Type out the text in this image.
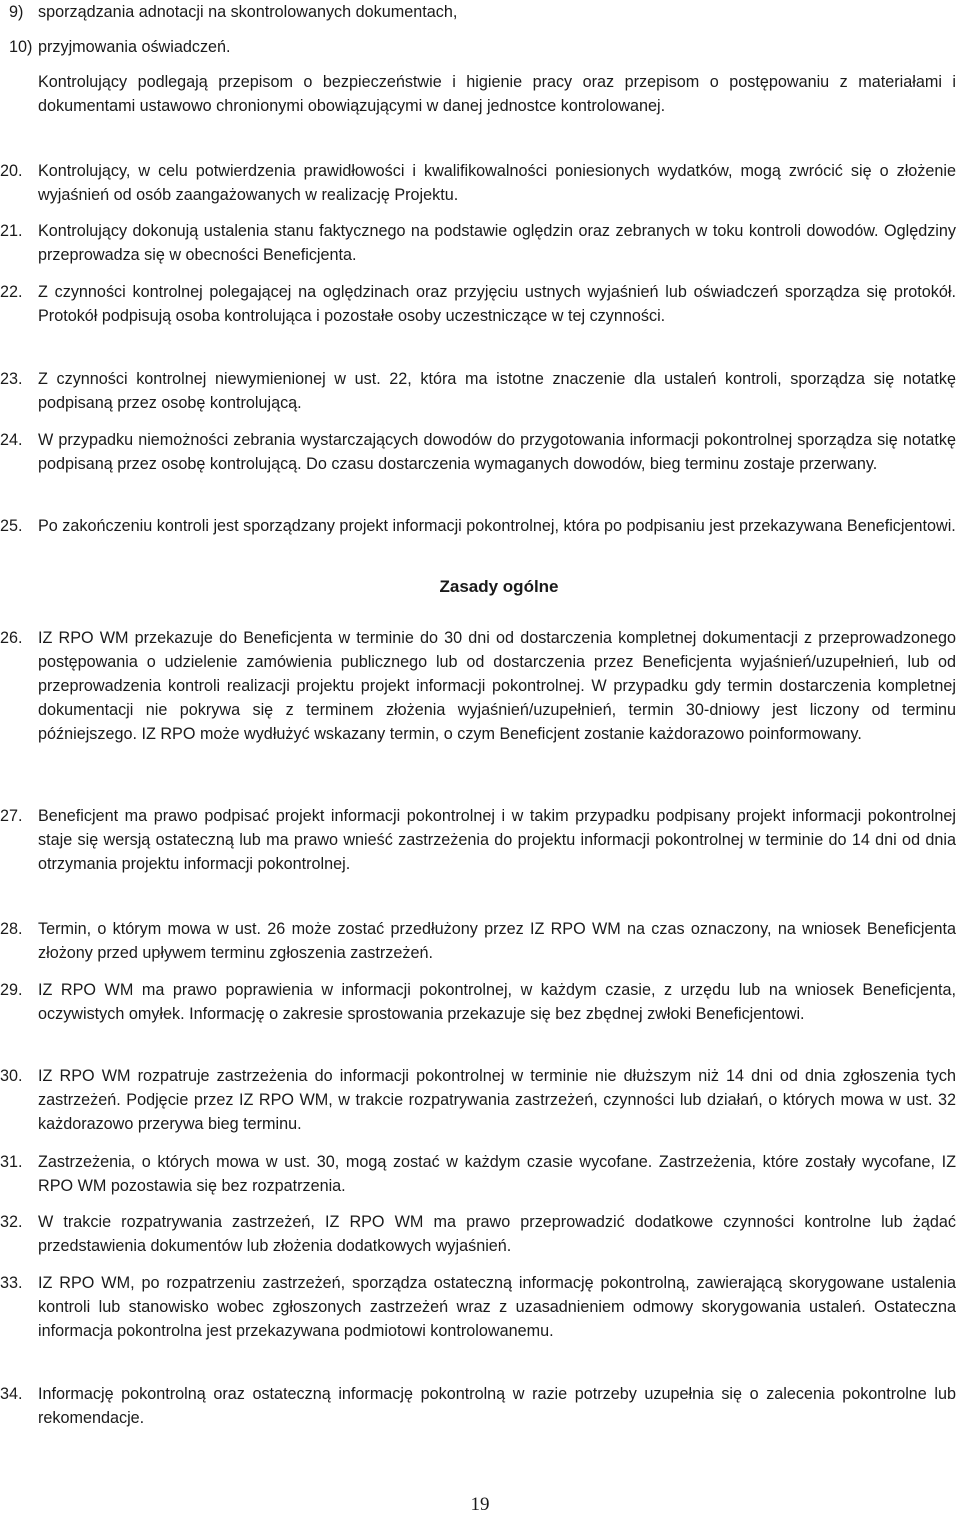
9) sporządzania adnotacji na skontrolowanych dokumentach,

10) przyjmowania oświadczeń.

Kontrolujący podlegają przepisom o bezpieczeństwie i higienie pracy oraz przepisom o postępowaniu z materiałami i dokumentami ustawowo chronionymi obowiązującymi w danej jednostce kontrolowanej.

20. Kontrolujący, w celu potwierdzenia prawidłowości i kwalifikowalności poniesionych wydatków, mogą zwrócić się o złożenie wyjaśnień od osób zaangażowanych w realizację Projektu.

21. Kontrolujący dokonują ustalenia stanu faktycznego na podstawie oględzin oraz zebranych w toku kontroli dowodów. Oględziny przeprowadza się w obecności Beneficjenta.

22. Z czynności kontrolnej polegającej na oględzinach oraz przyjęciu ustnych wyjaśnień lub oświadczeń sporządza się protokół. Protokół podpisują osoba kontrolująca i pozostałe osoby uczestniczące w tej czynności.

23. Z czynności kontrolnej niewymienionej w ust. 22, która ma istotne znaczenie dla ustaleń kontroli, sporządza się notatkę podpisaną przez osobę kontrolującą.

24. W przypadku niemożności zebrania wystarczających dowodów do przygotowania informacji pokontrolnej sporządza się notatkę podpisaną przez osobę kontrolującą. Do czasu dostarczenia wymaganych dowodów, bieg terminu zostaje przerwany.

25. Po zakończeniu kontroli jest sporządzany projekt informacji pokontrolnej, która po podpisaniu jest przekazywana Beneficjentowi.

Zasady ogólne

26. IZ RPO WM przekazuje do Beneficjenta w terminie do 30 dni od dostarczenia kompletnej dokumentacji z przeprowadzonego postępowania o udzielenie zamówienia publicznego lub od dostarczenia przez Beneficjenta wyjaśnień/uzupełnień, lub od przeprowadzenia kontroli realizacji projektu projekt informacji pokontrolnej. W przypadku gdy termin dostarczenia kompletnej dokumentacji nie pokrywa się z terminem złożenia wyjaśnień/uzupełnień, termin 30-dniowy jest liczony od terminu późniejszego. IZ RPO może wydłużyć wskazany termin, o czym Beneficjent zostanie każdorazowo poinformowany.

27. Beneficjent ma prawo podpisać projekt informacji pokontrolnej i w takim przypadku podpisany projekt informacji pokontrolnej staje się wersją ostateczną lub ma prawo wnieść zastrzeżenia do projektu informacji pokontrolnej w terminie do 14 dni od dnia otrzymania projektu informacji pokontrolnej.

28. Termin, o którym mowa w ust. 26 może zostać przedłużony przez IZ RPO WM na czas oznaczony, na wniosek Beneficjenta złożony przed upływem terminu zgłoszenia zastrzeżeń.

29. IZ RPO WM ma prawo poprawienia w informacji pokontrolnej, w każdym czasie, z urzędu lub na wniosek Beneficjenta, oczywistych omyłek. Informację o zakresie sprostowania przekazuje się bez zbędnej zwłoki Beneficjentowi.

30. IZ RPO WM rozpatruje zastrzeżenia do informacji pokontrolnej w terminie nie dłuższym niż 14 dni od dnia zgłoszenia tych zastrzeżeń. Podjęcie przez IZ RPO WM, w trakcie rozpatrywania zastrzeżeń, czynności lub działań, o których mowa w ust. 32 każdorazowo przerywa bieg terminu.

31. Zastrzeżenia, o których mowa w ust. 30, mogą zostać w każdym czasie wycofane. Zastrzeżenia, które zostały wycofane, IZ RPO WM pozostawia się bez rozpatrzenia.

32. W trakcie rozpatrywania zastrzeżeń, IZ RPO WM ma prawo przeprowadzić dodatkowe czynności kontrolne lub żądać przedstawienia dokumentów lub złożenia dodatkowych wyjaśnień.

33. IZ RPO WM, po rozpatrzeniu zastrzeżeń, sporządza ostateczną informację pokontrolną, zawierającą skorygowane ustalenia kontroli lub stanowisko wobec zgłoszonych zastrzeżeń wraz z uzasadnieniem odmowy skorygowania ustaleń. Ostateczna informacja pokontrolna jest przekazywana podmiotowi kontrolowanemu.

34. Informację pokontrolną oraz ostateczną informację pokontrolną w razie potrzeby uzupełnia się o zalecenia pokontrolne lub rekomendacje.

19
